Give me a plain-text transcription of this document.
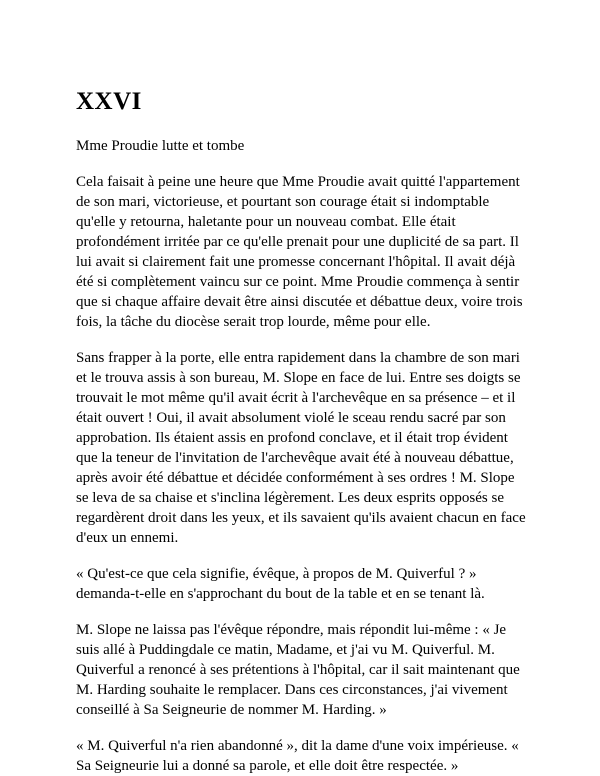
XXVI

Mme Proudie lutte et tombe

Cela faisait à peine une heure que Mme Proudie avait quitté l'appartement de son mari, victorieuse, et pourtant son courage était si indomptable qu'elle y retourna, haletante pour un nouveau combat. Elle était profondément irritée par ce qu'elle prenait pour une duplicité de sa part. Il lui avait si clairement fait une promesse concernant l'hôpital. Il avait déjà été si complètement vaincu sur ce point. Mme Proudie commença à sentir que si chaque affaire devait être ainsi discutée et débattue deux, voire trois fois, la tâche du diocèse serait trop lourde, même pour elle.

Sans frapper à la porte, elle entra rapidement dans la chambre de son mari et le trouva assis à son bureau, M. Slope en face de lui. Entre ses doigts se trouvait le mot même qu'il avait écrit à l'archevêque en sa présence – et il était ouvert ! Oui, il avait absolument violé le sceau rendu sacré par son approbation. Ils étaient assis en profond conclave, et il était trop évident que la teneur de l'invitation de l'archevêque avait été à nouveau débattue, après avoir été débattue et décidée conformément à ses ordres ! M. Slope se leva de sa chaise et s'inclina légèrement. Les deux esprits opposés se regardèrent droit dans les yeux, et ils savaient qu'ils avaient chacun en face d'eux un ennemi.

« Qu'est-ce que cela signifie, évêque, à propos de M. Quiverful ? » demanda-t-elle en s'approchant du bout de la table et en se tenant là.

M. Slope ne laissa pas l'évêque répondre, mais répondit lui-même : « Je suis allé à Puddingdale ce matin, Madame, et j'ai vu M. Quiverful. M. Quiverful a renoncé à ses prétentions à l'hôpital, car il sait maintenant que M. Harding souhaite le remplacer. Dans ces circonstances, j'ai vivement conseillé à Sa Seigneurie de nommer M. Harding. »

« M. Quiverful n'a rien abandonné », dit la dame d'une voix impérieuse. « Sa Seigneurie lui a donné sa parole, et elle doit être respectée. »
